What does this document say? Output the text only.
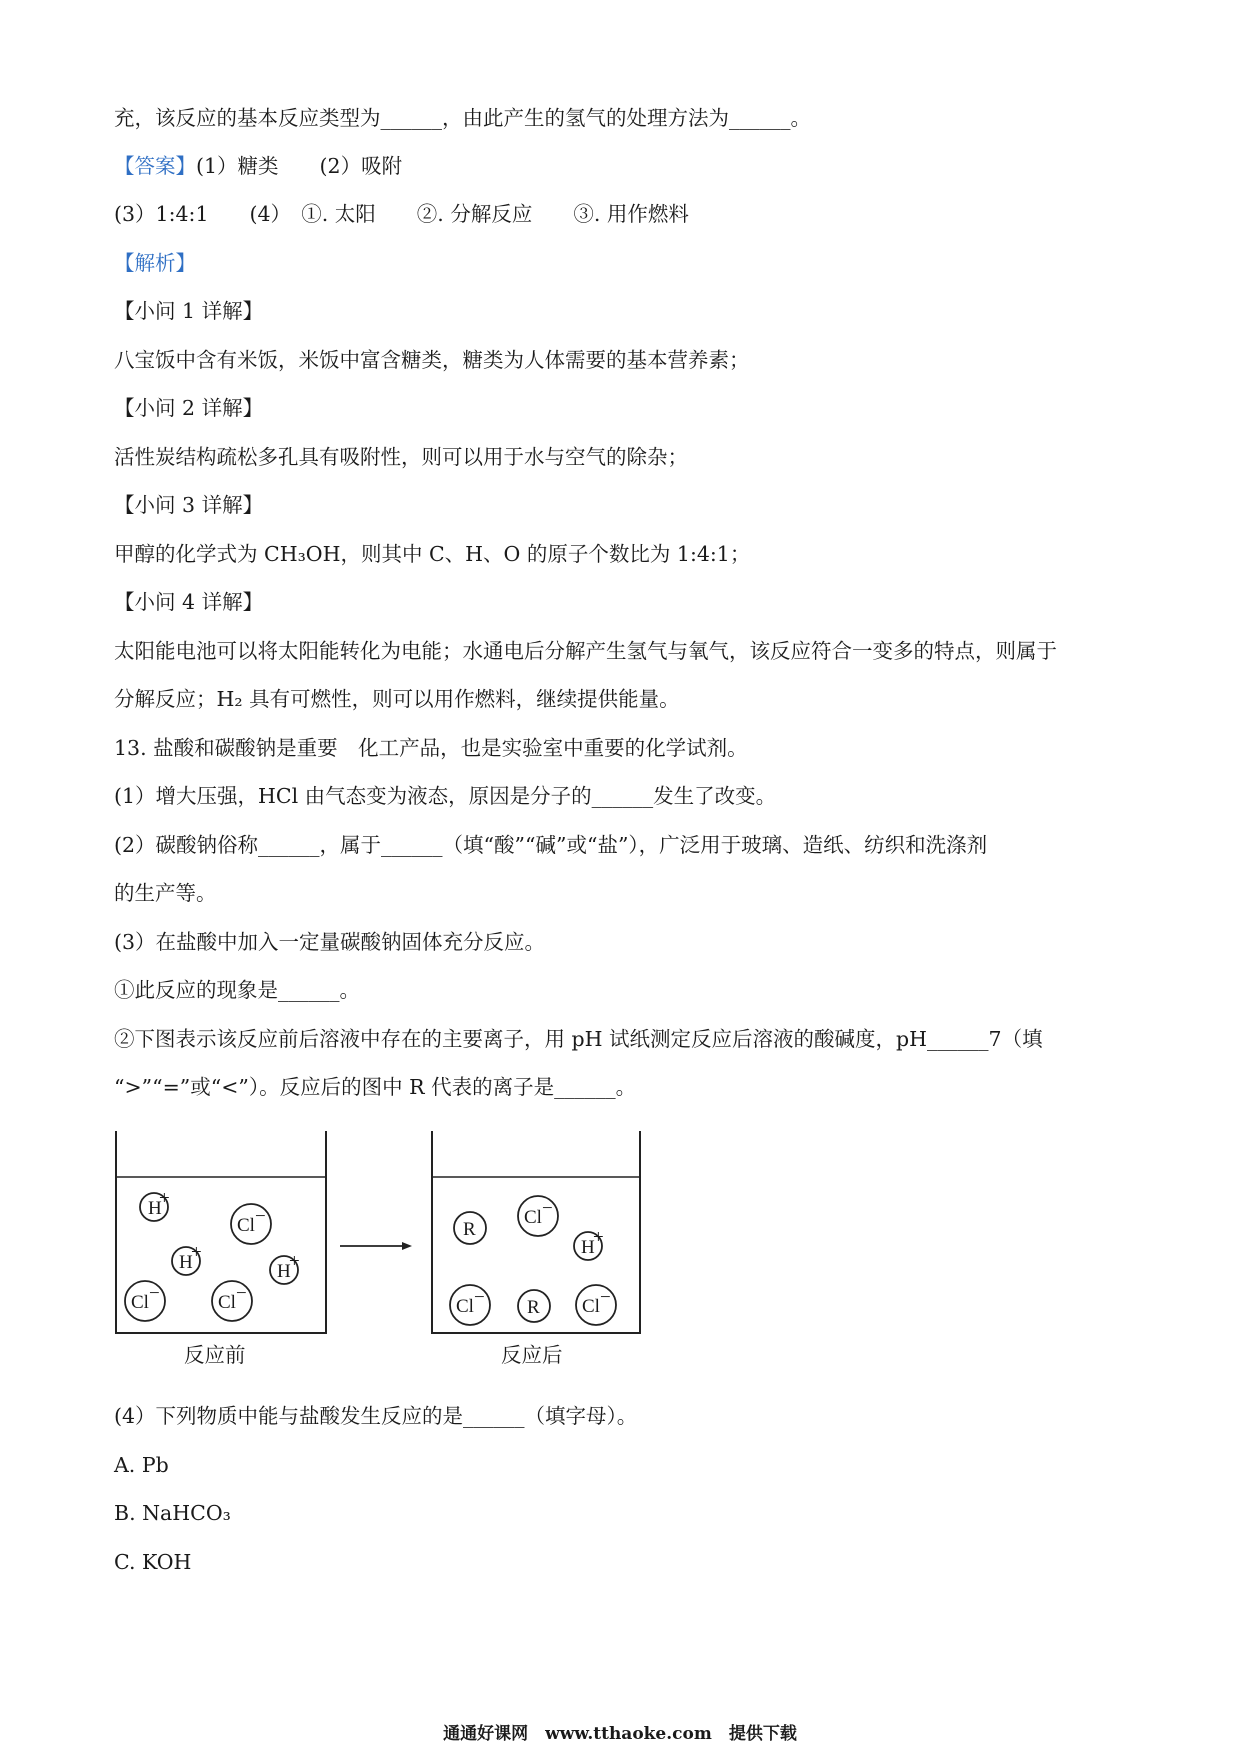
充，该反应的基本反应类型为______，由此产生的氢气的处理方法为______。
【答案】(1）糖类　　(2）吸附
(3）1:4:1　　(4）　①. 太阳　　②. 分解反应　　③. 用作燃料
【解析】
【小问 1 详解】
八宝饭中含有米饭，米饭中富含糖类，糖类为人体需要的基本营养素；
【小问 2 详解】
活性炭结构疏松多孔具有吸附性，则可以用于水与空气的除杂；
【小问 3 详解】
甲醇的化学式为 CH₃OH，则其中 C、H、O 的原子个数比为 1:4:1；
【小问 4 详解】
太阳能电池可以将太阳能转化为电能；水通电后分解产生氢气与氧气，该反应符合一变多的特点，则属于
分解反应；H₂ 具有可燃性，则可以用作燃料，继续提供能量。
13. 盐酸和碳酸钠是重要　化工产品，也是实验室中重要的化学试剂。
(1）增大压强，HCl 由气态变为液态，原因是分子的______发生了改变。
(2）碳酸钠俗称______，属于______（填“酸”“碱”或“盐”），广泛用于玻璃、造纸、纺织和洗涤剂
的生产等。
(3）在盐酸中加入一定量碳酸钠固体充分反应。
①此反应的现象是______。
②下图表示该反应前后溶液中存在的主要离子，用 pH 试纸测定反应后溶液的酸碱度，pH______7（填
“>”“=”或“<”）。反应后的图中 R 代表的离子是______。
H
+
Cl −
H
+
H
+
Cl −	Cl −
R
Cl −
H
+
Cl − R Cl −
反应前	反应后
(4）下列物质中能与盐酸发生反应的是______（填字母）。
A. Pb
B. NaHCO₃
C. KOH
通通好课网　www.tthaoke.com　提供下载
